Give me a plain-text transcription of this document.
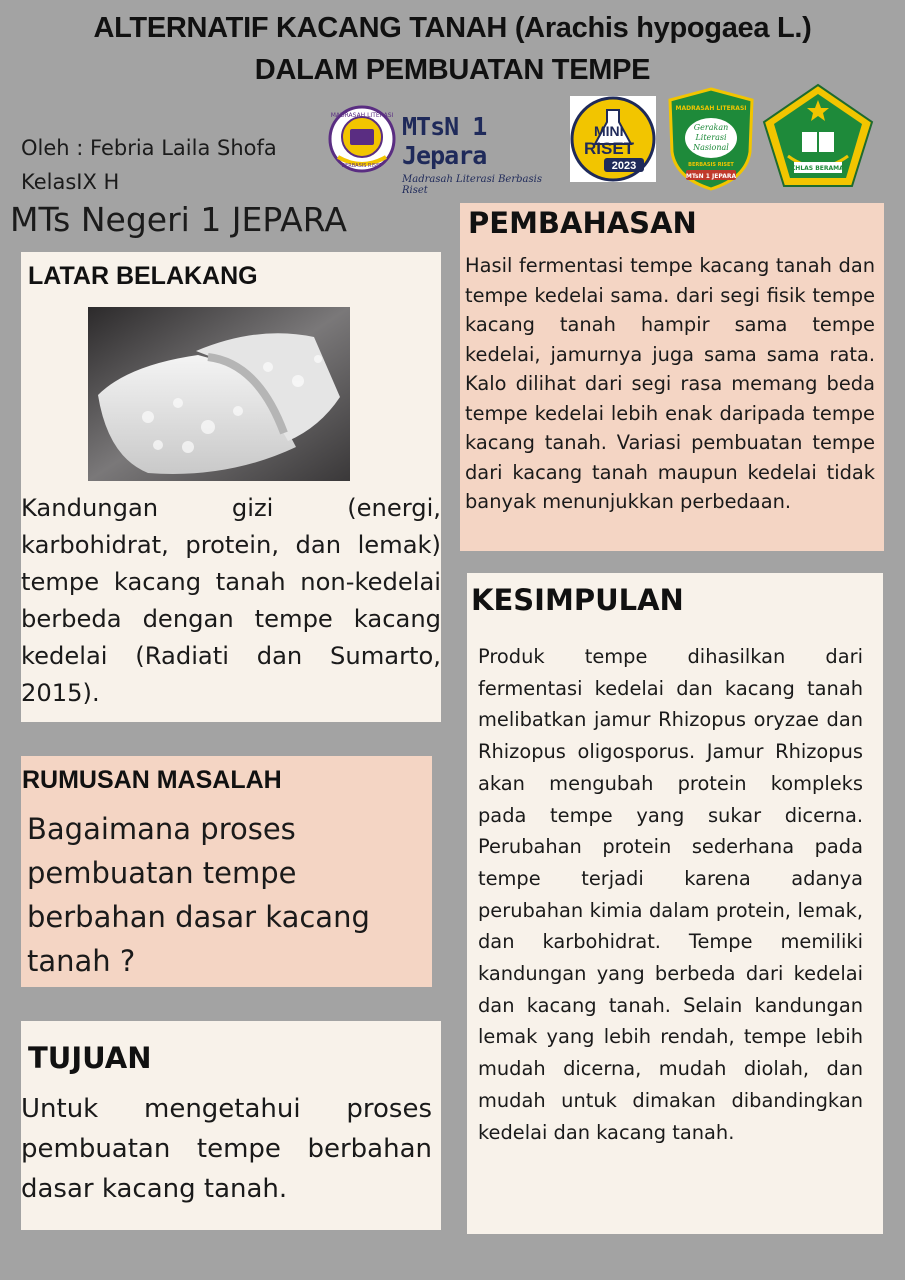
ALTERNATIF KACANG TANAH (Arachis hypogaea L.)
DALAM PEMBUATAN TEMPE
Oleh : Febria Laila Shofa
KelasIX H
MTs Negeri 1 JEPARA
MADRASAH LITERASI
BERBASIS RISET
MTsN 1 Jepara
Madrasah Literasi Berbasis Riset
MINI
RISET
2023
MADRASAH LITERASI
Gerakan
Literasi
Nasional
BERBASIS RISET
MTsN 1 JEPARA
IKHLAS BERAMAL
LATAR BELAKANG

Kandungan gizi (energi, karbohidrat, protein, dan lemak) tempe kacang tanah non-kedelai berbeda dengan tempe kacang kedelai (Radiati dan Sumarto, 2015).

RUMUSAN MASALAH

Bagaimana proses pembuatan tempe berbahan dasar kacang tanah ?

TUJUAN

Untuk mengetahui proses pembuatan tempe berbahan dasar kacang tanah.

PEMBAHASAN

Hasil fermentasi tempe kacang tanah dan tempe kedelai sama. dari segi fisik tempe kacang tanah hampir sama tempe kedelai, jamurnya juga sama sama rata. Kalo dilihat dari segi rasa memang beda tempe kedelai lebih enak daripada tempe kacang tanah. Variasi pembuatan tempe dari kacang tanah maupun kedelai tidak banyak menunjukkan perbedaan.

KESIMPULAN

Produk tempe dihasilkan dari fermentasi kedelai dan kacang tanah melibatkan jamur Rhizopus oryzae dan Rhizopus oligosporus. Jamur Rhizopus akan mengubah protein kompleks pada tempe yang sukar dicerna. Perubahan protein sederhana pada tempe terjadi karena adanya perubahan kimia dalam protein, lemak, dan karbohidrat. Tempe memiliki kandungan yang berbeda dari kedelai dan kacang tanah. Selain kandungan lemak yang lebih rendah, tempe lebih mudah dicerna, mudah diolah, dan mudah untuk dimakan dibandingkan kedelai dan kacang tanah.
